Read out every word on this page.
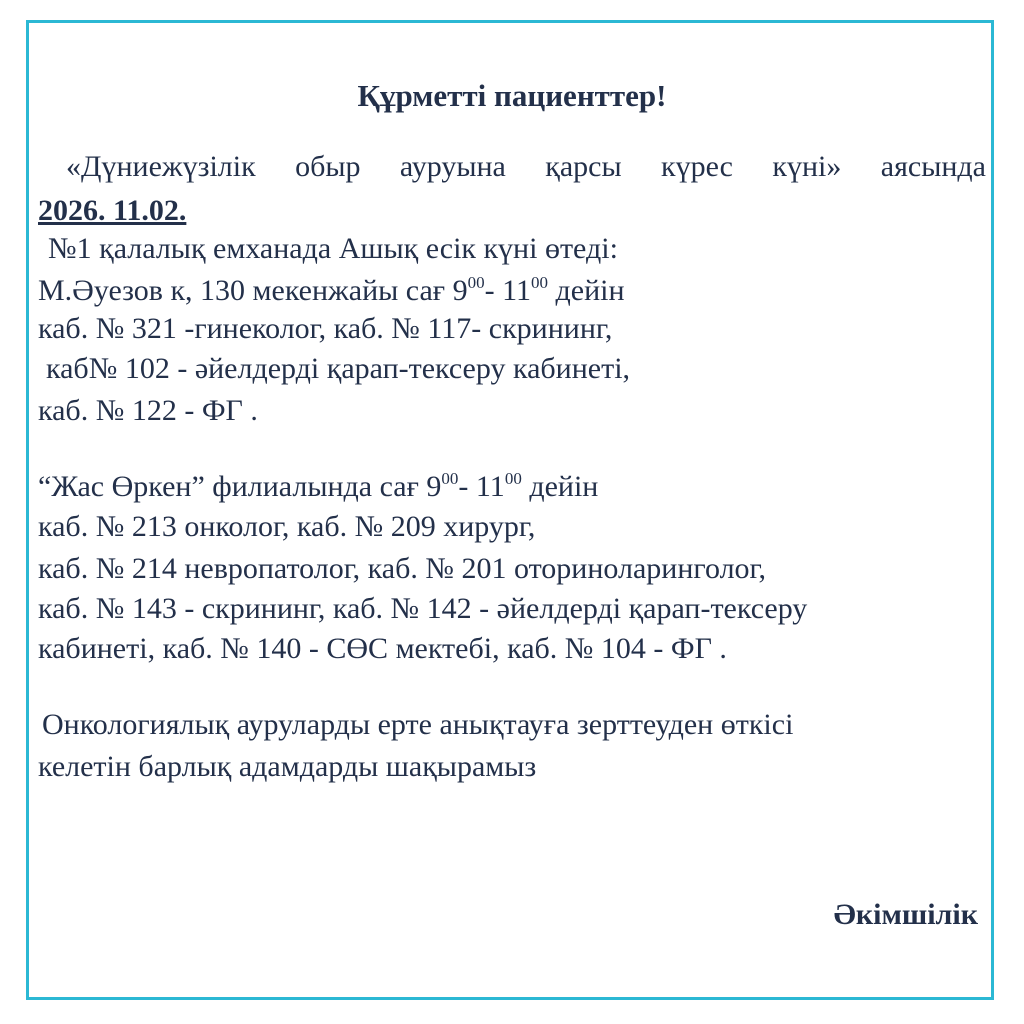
Құрметті пациенттер!
«Дүниежүзілік обыр ауруына қарсы күрес күні» аясында
2026. 11.02.
№1 қалалық емханада Ашық есік күні өтеді:
М.Әуезов к, 130 мекенжайы сағ $9^{00}-$ $11^{00}$ дейін
каб. № 321 -гинеколог, каб. № 117- скрининг,
каб№ 102 - әйелдерді қарап-тексеру кабинеті,
каб. № 122 - ФГ .
“Жас Өркен” филиалында сағ $9^{00}-$ $11^{00}$ дейін
каб. № 213 онколог, каб. № 209 хирург,
каб. № 214 невропатолог, каб. № 201 оториноларинголог,
каб. № 143 - скрининг, каб. № 142 - әйелдерді қарап-тексеру
кабинеті, каб. № 140 - СӨС мектебі, каб. № 104 - ФГ .
Онкологиялық ауруларды ерте анықтауға зерттеуден өткісі
келетін барлық адамдарды шақырамыз
Әкімшілік
